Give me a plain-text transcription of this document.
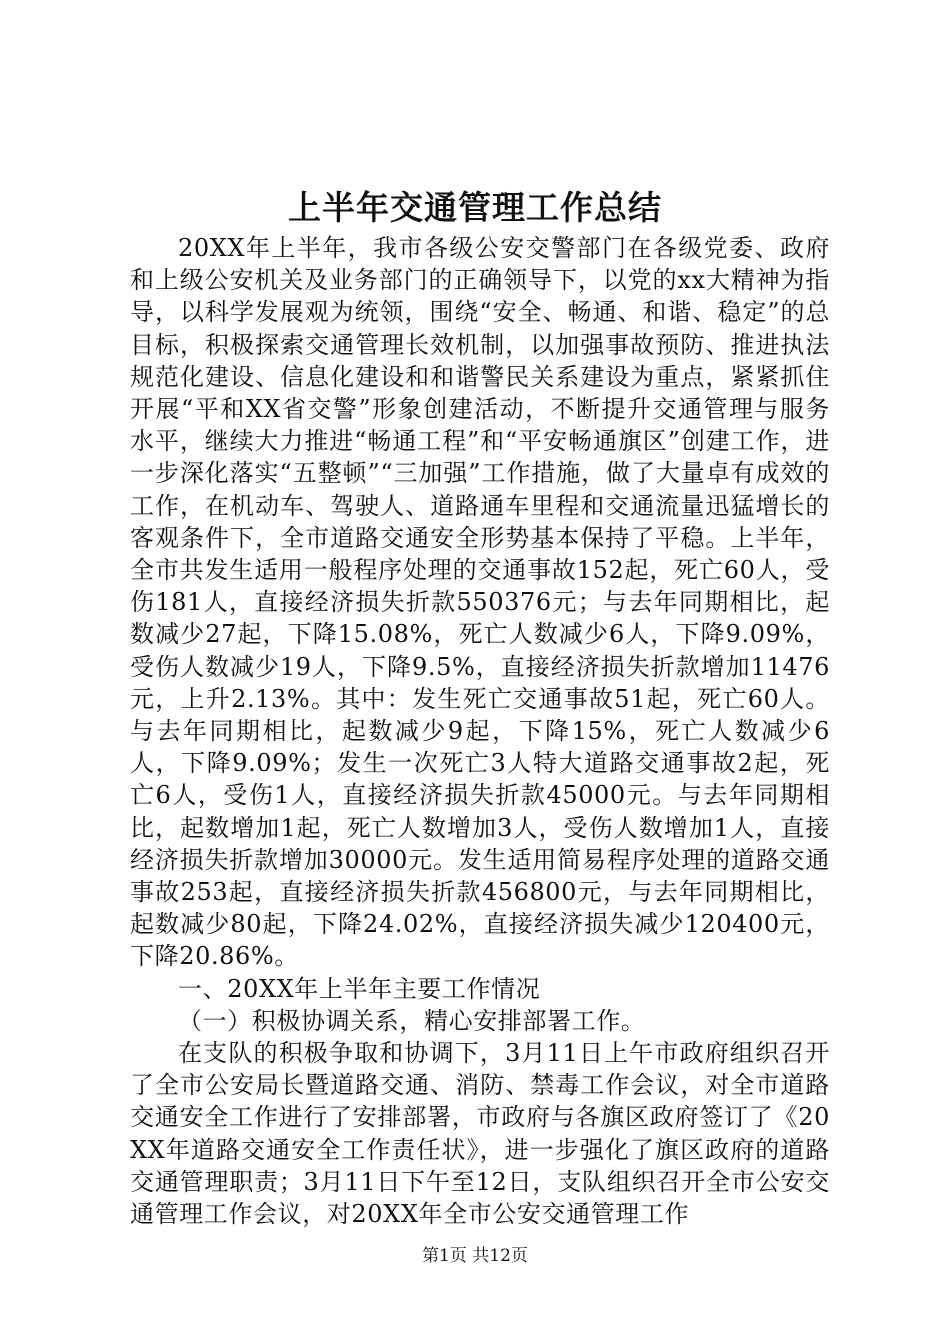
上半年交通管理工作总结

20XX年上半年，我市各级公安交警部门在各级党委、政府和上级公安机关及业务部门的正确领导下，以党的xx大精神为指导，以科学发展观为统领，围绕“安全、畅通、和谐、稳定”的总目标，积极探索交通管理长效机制，以加强事故预防、推进执法规范化建设、信息化建设和和谐警民关系建设为重点，紧紧抓住开展“平和XX省交警”形象创建活动，不断提升交通管理与服务水平，继续大力推进“畅通工程”和“平安畅通旗区”创建工作，进一步深化落实“五整顿”“三加强”工作措施，做了大量卓有成效的工作，在机动车、驾驶人、道路通车里程和交通流量迅猛增长的客观条件下，全市道路交通安全形势基本保持了平稳。上半年，全市共发生适用一般程序处理的交通事故152起，死亡60人，受伤181人，直接经济损失折款550376元；与去年同期相比，起数减少27起，下降15.08%，死亡人数减少6人，下降9.09%，受伤人数减少19人，下降9.5%，直接经济损失折款增加11476元，上升2.13%。其中：发生死亡交通事故51起，死亡60人。与去年同期相比，起数减少9起，下降15%，死亡人数减少6人，下降9.09%；发生一次死亡3人特大道路交通事故2起，死亡6人，受伤1人，直接经济损失折款45000元。与去年同期相比，起数增加1起，死亡人数增加3人，受伤人数增加1人，直接经济损失折款增加30000元。发生适用简易程序处理的道路交通事故253起，直接经济损失折款456800元，与去年同期相比，起数减少80起，下降24.02%，直接经济损失减少120400元，下降20.86%。

一、20XX年上半年主要工作情况

（一）积极协调关系，精心安排部署工作。

在支队的积极争取和协调下，3月11日上午市政府组织召开了全市公安局长暨道路交通、消防、禁毒工作会议，对全市道路交通安全工作进行了安排部署，市政府与各旗区政府签订了《20XX年道路交通安全工作责任状》，进一步强化了旗区政府的道路交通管理职责；3月11日下午至12日，支队组织召开全市公安交通管理工作会议，对20XX年全市公安交通管理工作

第1页 共12页
